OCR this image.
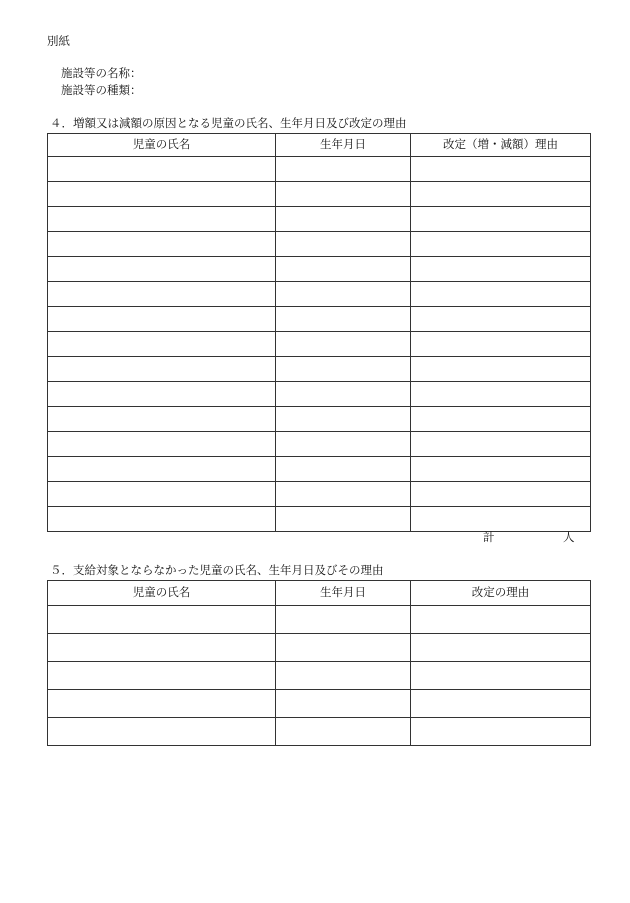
別紙
施設等の名称：
施設等の種類：
４．増額又は減額の原因となる児童の氏名、生年月日及び改定の理由
児童の氏名	生年月日	改定（増・減額）理由

計	人
５．支給対象とならなかった児童の氏名、生年月日及びその理由
児童の氏名	生年月日	改定の理由
